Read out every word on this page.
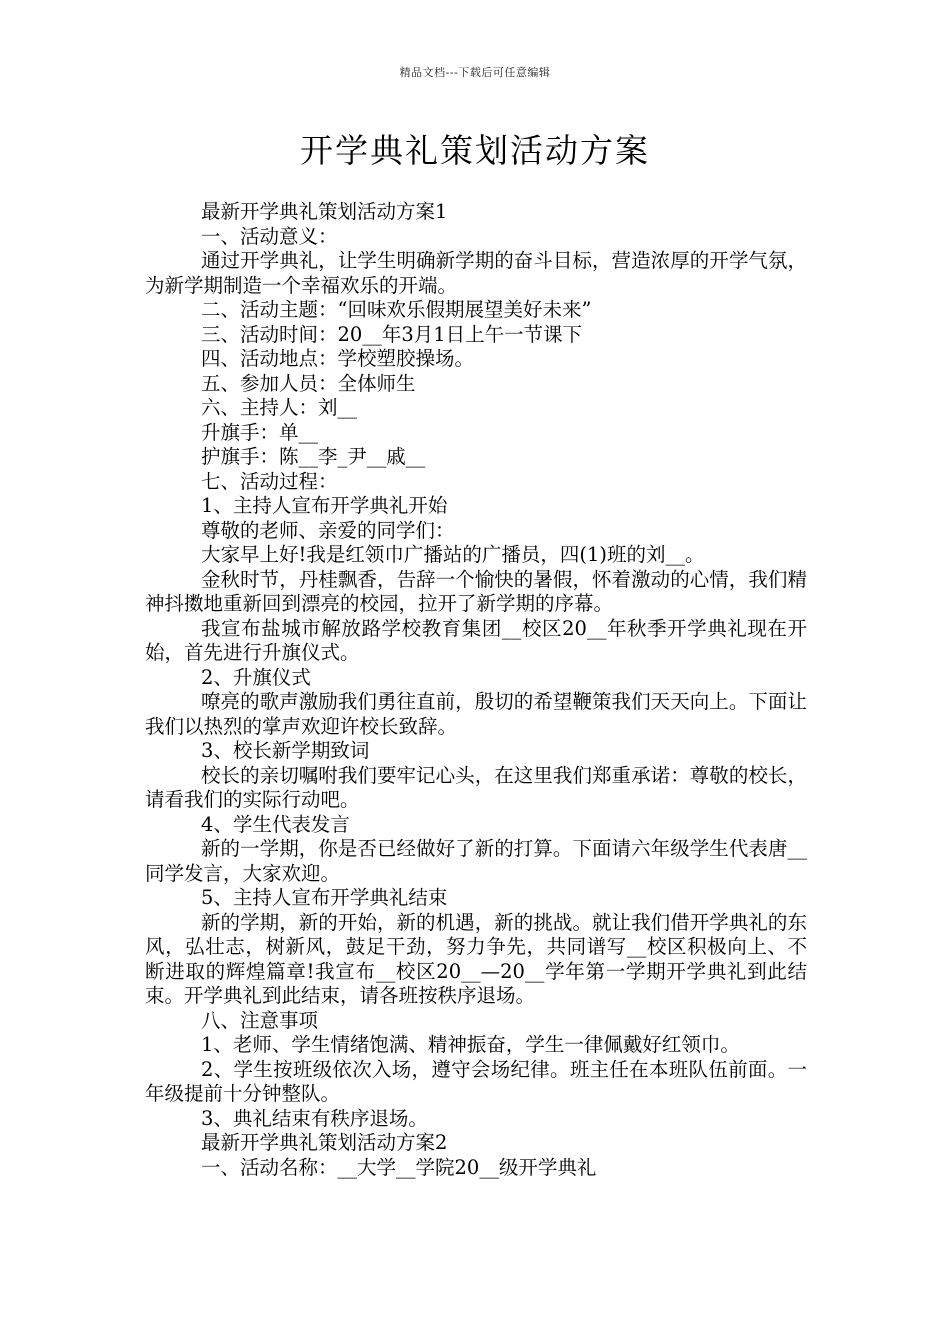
精品文档---下载后可任意编辑
开学典礼策划活动方案

最新开学典礼策划活动方案1

一、活动意义：

通过开学典礼，让学生明确新学期的奋斗目标，营造浓厚的开学气氛，为新学期制造一个幸福欢乐的开端。

二、活动主题：“回味欢乐假期展望美好未来”

三、活动时间：20__年3月1日上午一节课下

四、活动地点：学校塑胶操场。

五、参加人员：全体师生

六、主持人：刘__

升旗手：单__

护旗手：陈__李_尹__戚__

七、活动过程：

1、主持人宣布开学典礼开始

尊敬的老师、亲爱的同学们：

大家早上好!我是红领巾广播站的广播员，四(1)班的刘__。

金秋时节，丹桂飘香，告辞一个愉快的暑假，怀着激动的心情，我们精神抖擞地重新回到漂亮的校园，拉开了新学期的序幕。

我宣布盐城市解放路学校教育集团__校区20__年秋季开学典礼现在开始，首先进行升旗仪式。

2、升旗仪式

嘹亮的歌声激励我们勇往直前，殷切的希望鞭策我们天天向上。下面让我们以热烈的掌声欢迎许校长致辞。

3、校长新学期致词

校长的亲切嘱咐我们要牢记心头，在这里我们郑重承诺：尊敬的校长，请看我们的实际行动吧。

4、学生代表发言

新的一学期，你是否已经做好了新的打算。下面请六年级学生代表唐__同学发言，大家欢迎。

5、主持人宣布开学典礼结束

新的学期，新的开始，新的机遇，新的挑战。就让我们借开学典礼的东风，弘壮志，树新风，鼓足干劲，努力争先，共同谱写__校区积极向上、不断进取的辉煌篇章!我宣布__校区20__—20__学年第一学期开学典礼到此结束。开学典礼到此结束，请各班按秩序退场。

八、注意事项

1、老师、学生情绪饱满、精神振奋，学生一律佩戴好红领巾。

2、学生按班级依次入场，遵守会场纪律。班主任在本班队伍前面。一年级提前十分钟整队。

3、典礼结束有秩序退场。

最新开学典礼策划活动方案2

一、活动名称：__大学__学院20__级开学典礼
